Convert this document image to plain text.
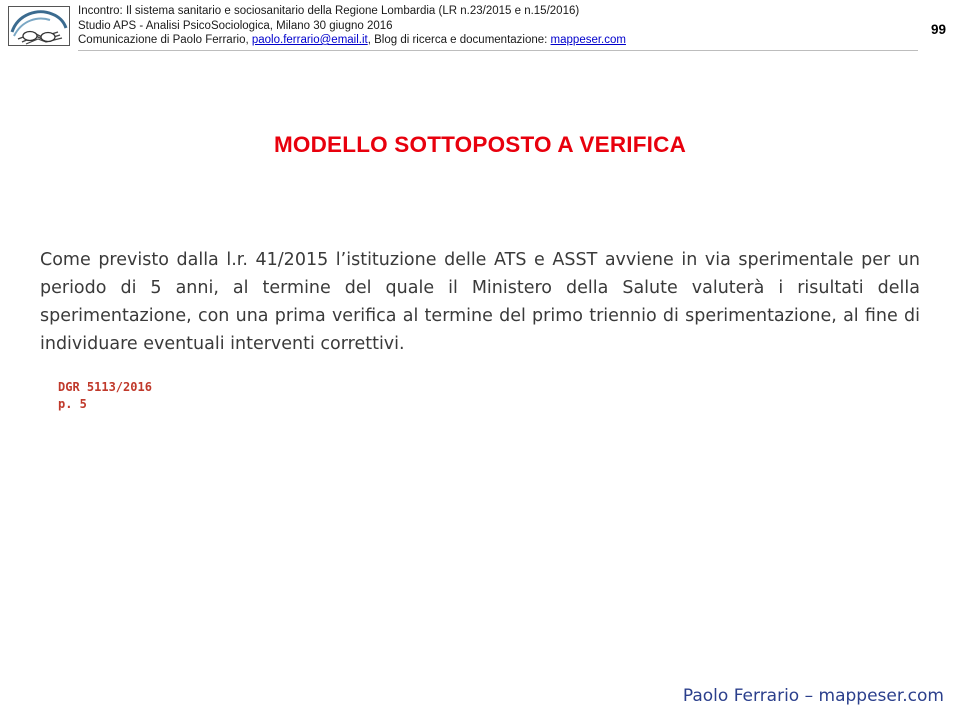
Incontro: Il sistema sanitario e sociosanitario della Regione Lombardia (LR n.23/2015 e n.15/2016)
Studio APS - Analisi PsicoSociologica, Milano 30 giugno 2016
Comunicazione di Paolo Ferrario, paolo.ferrario@email.it, Blog di ricerca e documentazione: mappeser.com
99
MODELLO SOTTOPOSTO A VERIFICA
Come previsto dalla l.r. 41/2015 l’istituzione delle ATS e ASST avviene in via sperimentale per un periodo di 5 anni, al termine del quale il Ministero della Salute valuterà i risultati della sperimentazione, con una prima verifica al termine del primo triennio di sperimentazione, al fine di individuare eventuali interventi correttivi.
DGR 5113/2016
p. 5
Paolo Ferrario – mappeser.com
